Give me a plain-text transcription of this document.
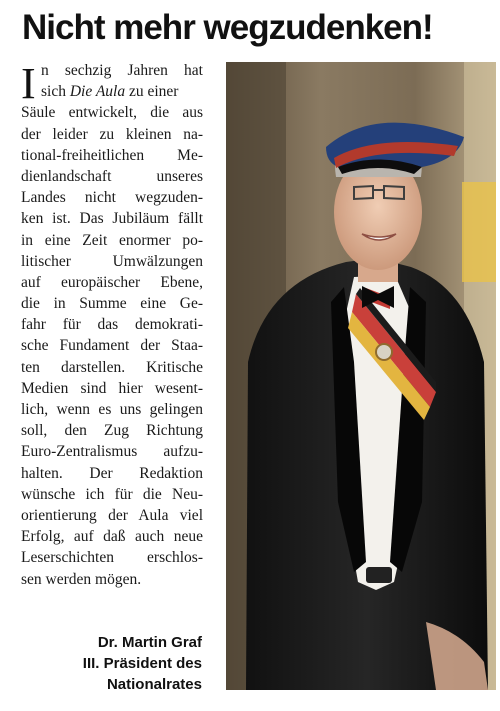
Nicht mehr wegzudenken!
I n sechzig Jahren hat
sich Die Aula zu einer
Säule entwickelt, die aus
der leider zu kleinen na-
tional-freiheitlichen Me-
dienlandschaft unseres
Landes nicht wegzuden-
ken ist. Das Jubiläum fällt
in eine Zeit enormer po-
litischer Umwälzungen
auf europäischer Ebene,
die in Summe eine Ge-
fahr für das demokrati-
sche Fundament der Staa-
ten darstellen. Kritische
Medien sind hier wesent-
lich, wenn es uns gelingen
soll, den Zug Richtung
Euro-Zentralismus aufzu-
halten. Der Redaktion
wünsche ich für die Neu-
orientierung der Aula viel
Erfolg, auf daß auch neue
Leserschichten erschlos-
sen werden mögen.
Dr. Martin Graf
III. Präsident des
Nationalrates
